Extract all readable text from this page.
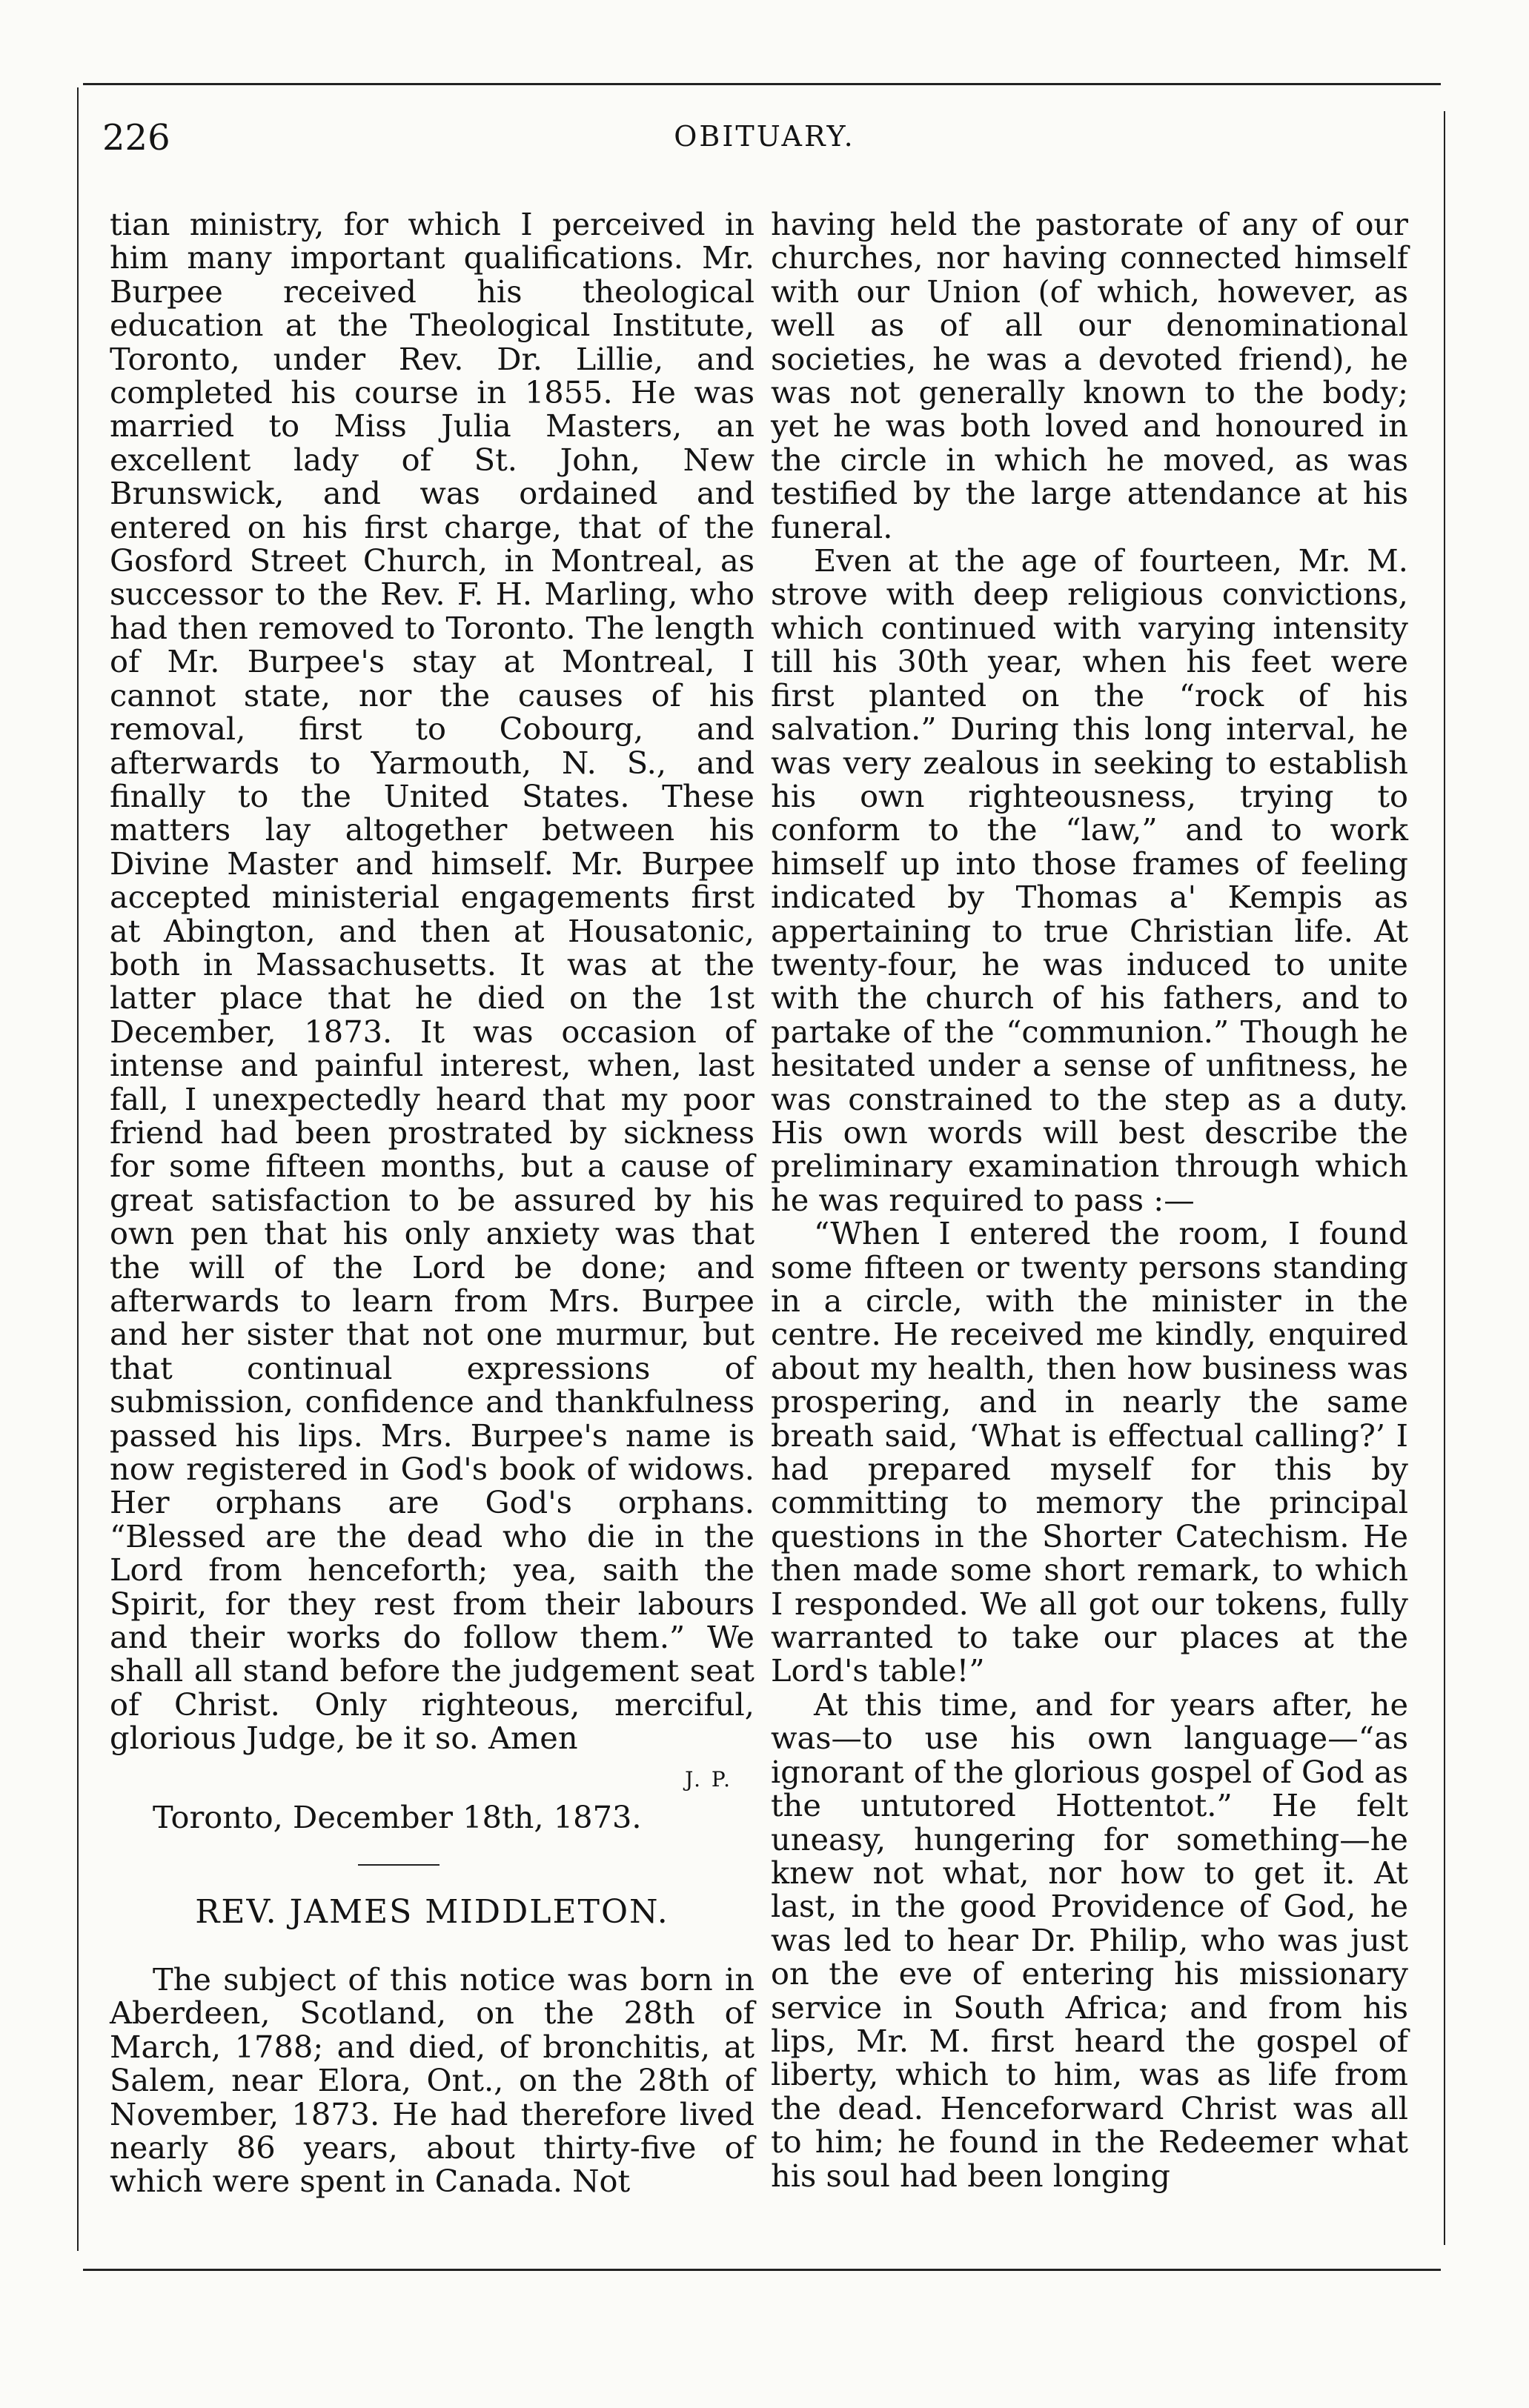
226	OBITUARY.

tian ministry, for which I perceived in him many important qualifications. Mr. Burpee received his theological education at the Theological Institute, Toronto, under Rev. Dr. Lillie, and completed his course in 1855. He was married to Miss Julia Masters, an excellent lady of St. John, New Brunswick, and was ordained and entered on his first charge, that of the Gosford Street Church, in Montreal, as successor to the Rev. F. H. Marling, who had then removed to Toronto. The length of Mr. Burpee's stay at Montreal, I cannot state, nor the causes of his removal, first to Cobourg, and afterwards to Yarmouth, N. S., and finally to the United States. These matters lay altogether between his Divine Master and himself. Mr. Burpee accepted ministerial engagements first at Abington, and then at Housatonic, both in Massachusetts. It was at the latter place that he died on the 1st December, 1873. It was occasion of intense and painful interest, when, last fall, I unexpectedly heard that my poor friend had been prostrated by sickness for some fifteen months, but a cause of great satisfaction to be assured by his own pen that his only anxiety was that the will of the Lord be done; and afterwards to learn from Mrs. Burpee and her sister that not one murmur, but that continual expressions of submission, confidence and thankfulness passed his lips. Mrs. Burpee's name is now registered in God's book of widows. Her orphans are God's orphans. “Blessed are the dead who die in the Lord from henceforth; yea, saith the Spirit, for they rest from their labours and their works do follow them.” We shall all stand before the judgement seat of Christ. Only righteous, merciful, glorious Judge, be it so. Amen

J. P.

Toronto, December 18th, 1873.

REV. JAMES MIDDLETON.

The subject of this notice was born in Aberdeen, Scotland, on the 28th of March, 1788; and died, of bronchitis, at Salem, near Elora, Ont., on the 28th of November, 1873. He had therefore lived nearly 86 years, about thirty-five of which were spent in Canada. Not

having held the pastorate of any of our churches, nor having connected himself with our Union (of which, however, as well as of all our denominational societies, he was a devoted friend), he was not generally known to the body; yet he was both loved and honoured in the circle in which he moved, as was testified by the large attendance at his funeral.

Even at the age of fourteen, Mr. M. strove with deep religious convictions, which continued with varying intensity till his 30th year, when his feet were first planted on the “rock of his salvation.” During this long interval, he was very zealous in seeking to establish his own righteousness, trying to conform to the “law,” and to work himself up into those frames of feeling indicated by Thomas a' Kempis as appertaining to true Christian life. At twenty-four, he was induced to unite with the church of his fathers, and to partake of the “communion.” Though he hesitated under a sense of unfitness, he was constrained to the step as a duty. His own words will best describe the preliminary examination through which he was required to pass :—

“When I entered the room, I found some fifteen or twenty persons standing in a circle, with the minister in the centre. He received me kindly, enquired about my health, then how business was prospering, and in nearly the same breath said, ‘What is effectual calling?’ I had prepared myself for this by committing to memory the principal questions in the Shorter Catechism. He then made some short remark, to which I responded. We all got our tokens, fully warranted to take our places at the Lord's table!”

At this time, and for years after, he was—to use his own language—“as ignorant of the glorious gospel of God as the untutored Hottentot.” He felt uneasy, hungering for something—he knew not what, nor how to get it. At last, in the good Providence of God, he was led to hear Dr. Philip, who was just on the eve of entering his missionary service in South Africa; and from his lips, Mr. M. first heard the gospel of liberty, which to him, was as life from the dead. Henceforward Christ was all to him; he found in the Redeemer what his soul had been longing
